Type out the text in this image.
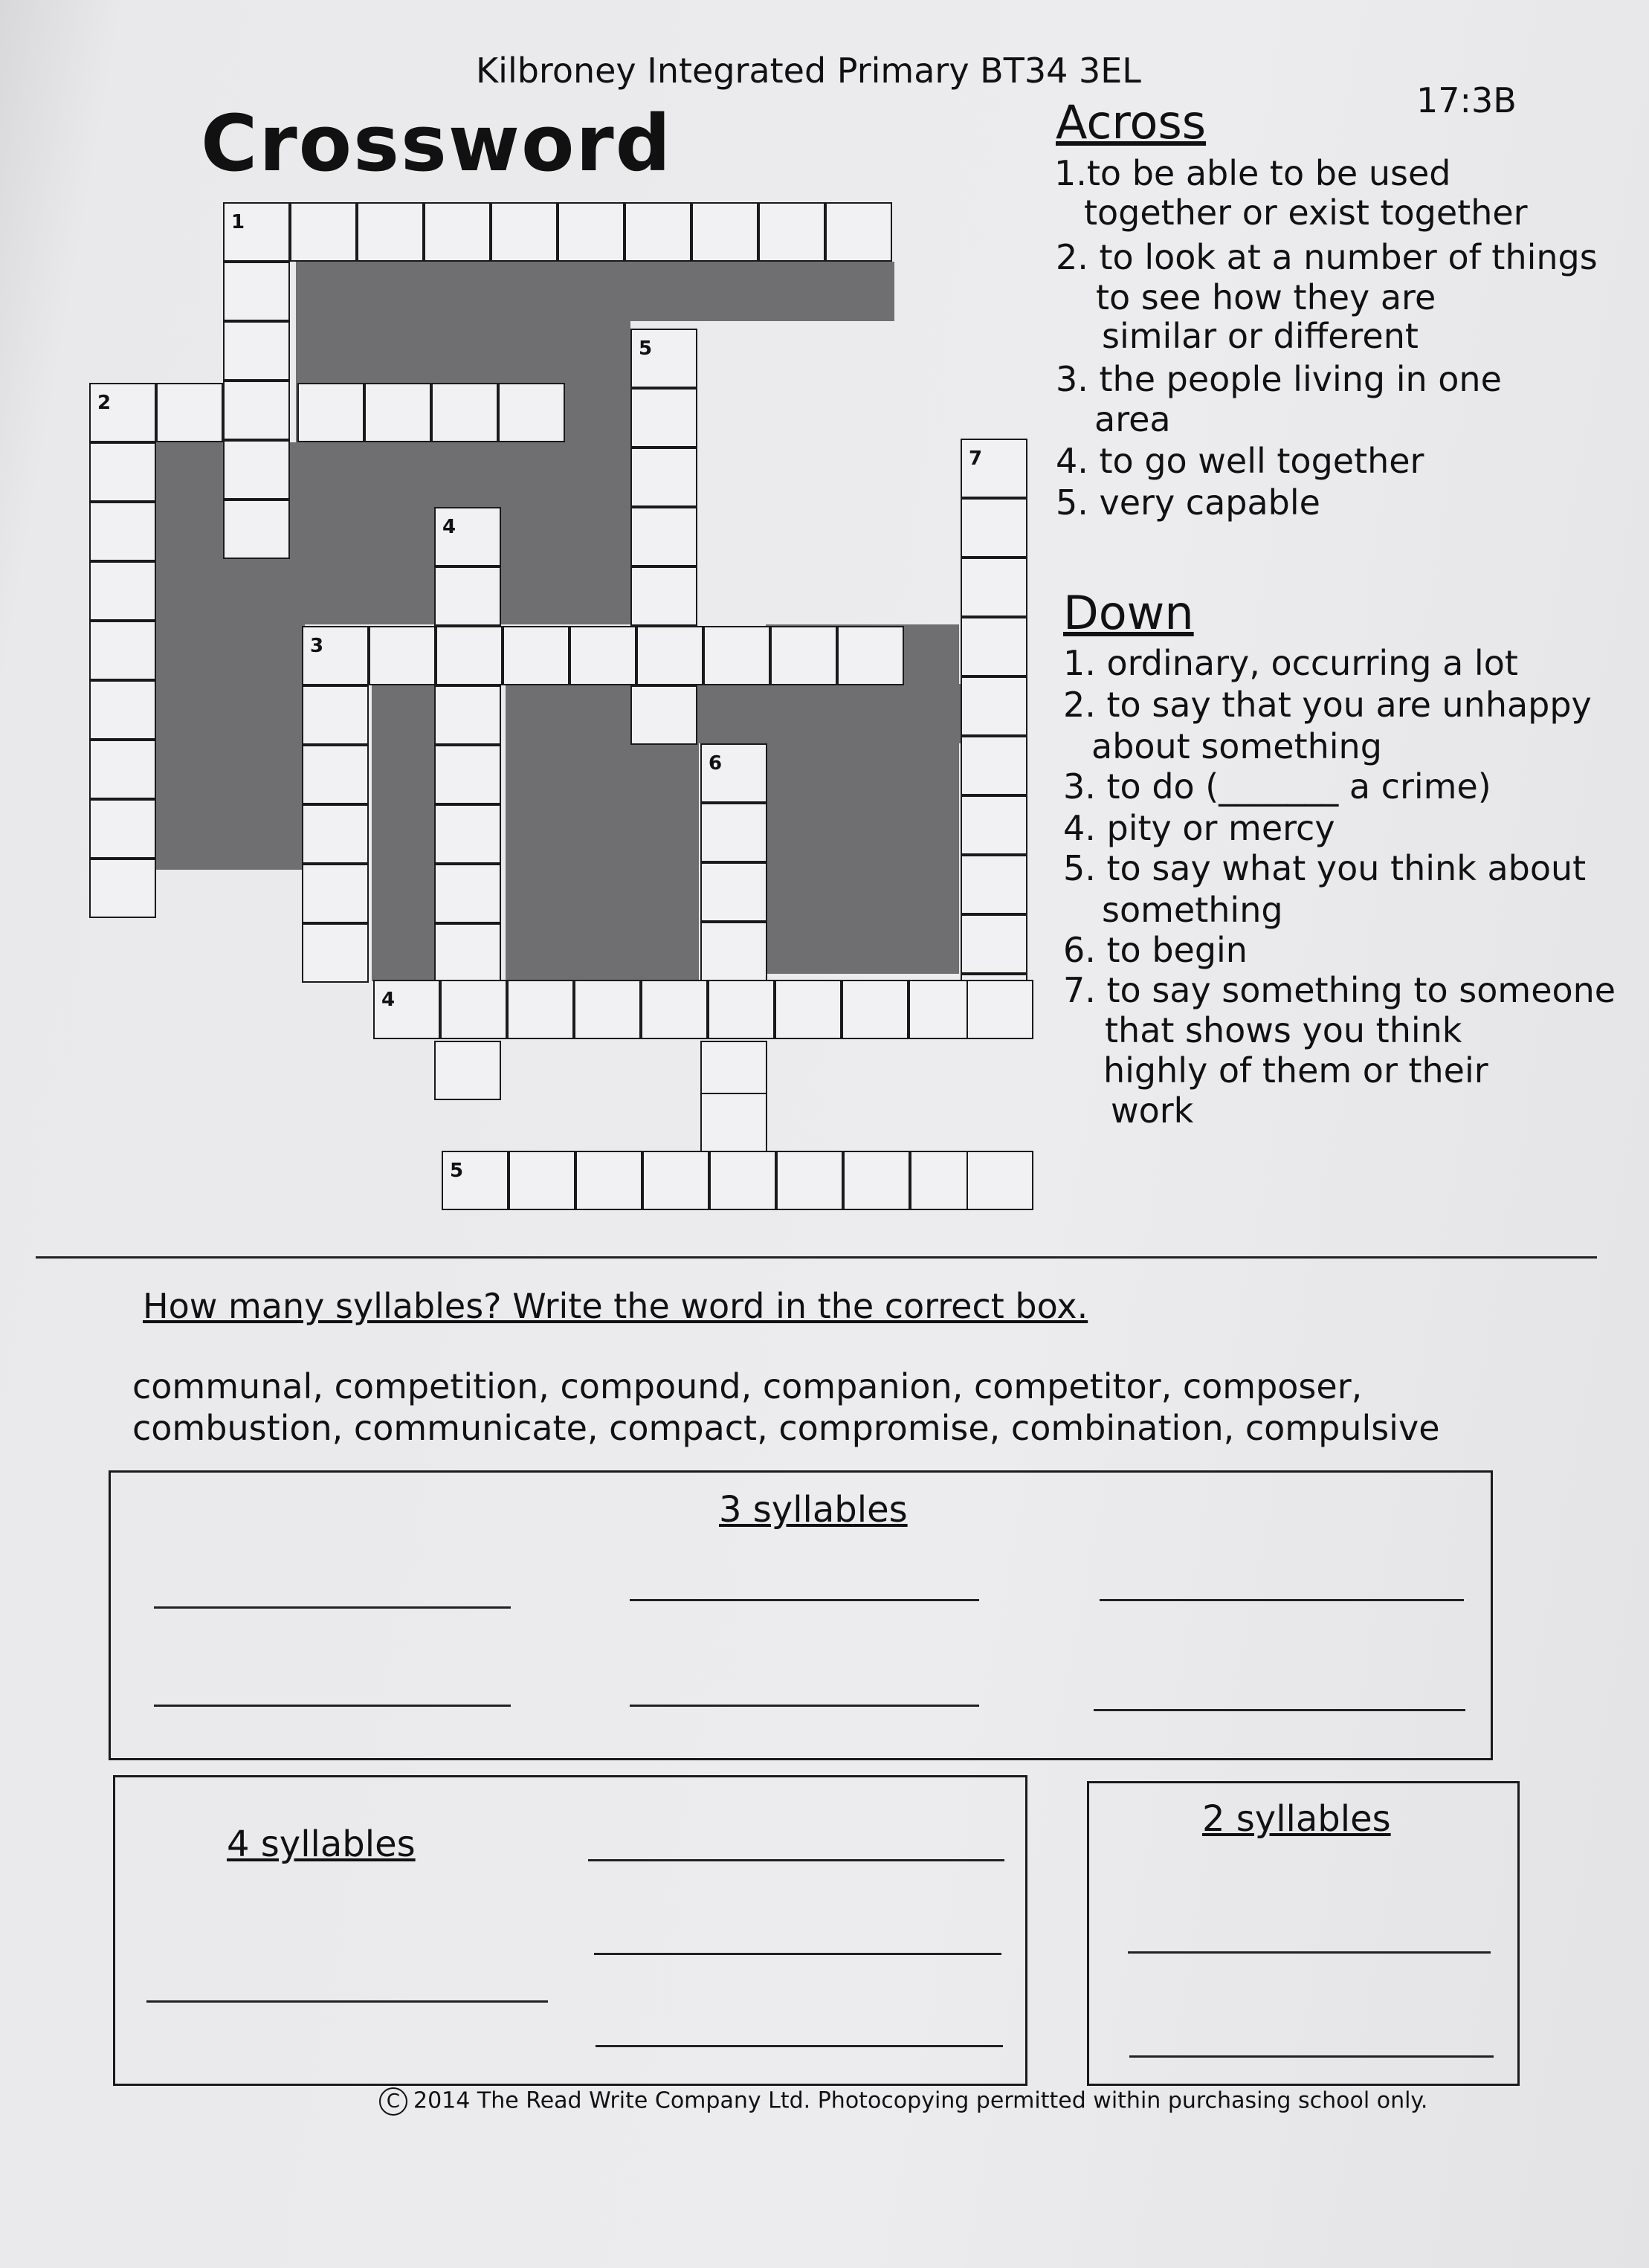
Kilbroney Integrated Primary BT34 3EL
17:3B
Crossword
1
5
2
7
4
3
6
4
5
Across
1.to be able to be used
together or exist together
2. to look at a number of things
to see how they are
similar or different
3. the people living in one
area
4. to go well together
5. very capable
Down
1. ordinary, occurring a lot
2. to say that you are unhappy
about something
3. to do (_______ a crime)
4. pity or mercy
5. to say what you think about
something
6. to begin
7. to say something to someone
that shows you think
highly of them or their
work
How many syllables? Write the word in the correct box.
communal, competition, compound, companion, competitor, composer,
combustion, communicate, compact, compromise, combination, compulsive
3 syllables
4 syllables
2 syllables
C 2014 The Read Write Company Ltd. Photocopying permitted within purchasing school only.
